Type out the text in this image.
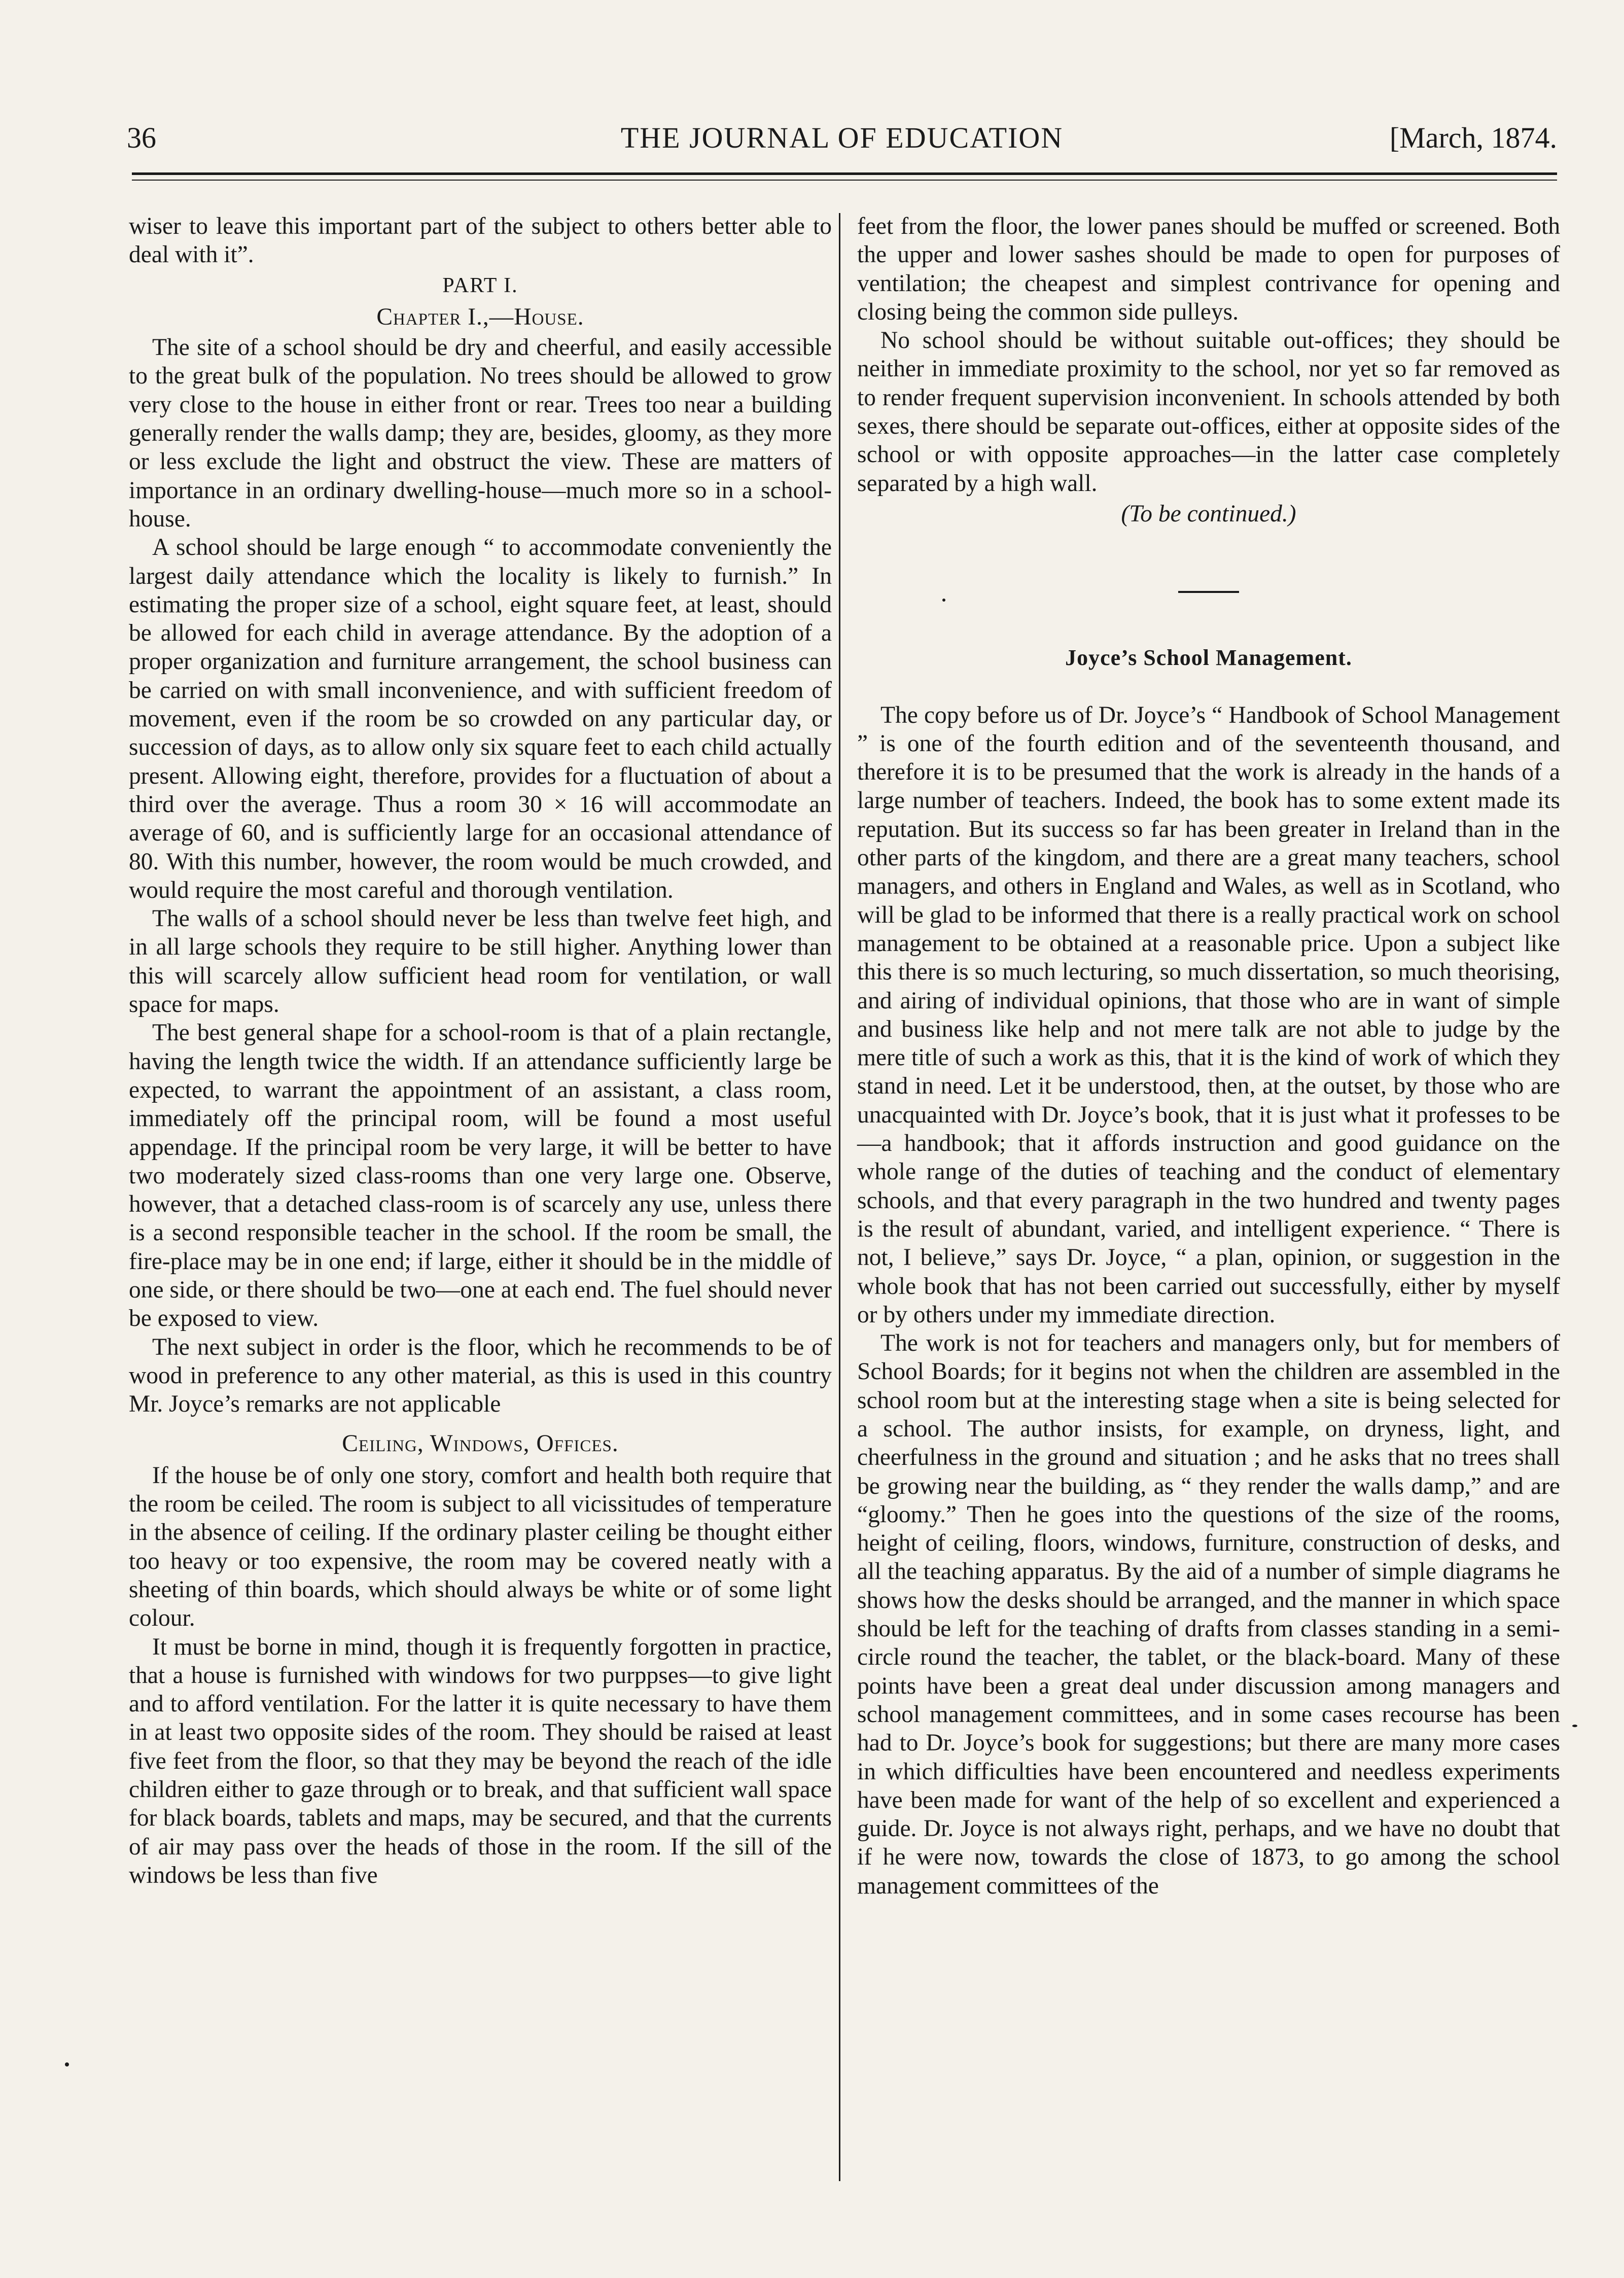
36	THE JOURNAL OF EDUCATION	[March, 1874.

wiser to leave this important part of the subject to others better able to deal with it”.

PART I.
Chapter I.,—House.

The site of a school should be dry and cheerful, and easily accessible to the great bulk of the population. No trees should be allowed to grow very close to the house in either front or rear. Trees too near a building generally render the walls damp; they are, besides, gloomy, as they more or less exclude the light and obstruct the view. These are matters of importance in an ordinary dwelling-house—much more so in a school-house.

A school should be large enough “ to accommodate conveniently the largest daily attendance which the locality is likely to furnish.” In estimating the proper size of a school, eight square feet, at least, should be allowed for each child in average attendance. By the adoption of a proper organization and furniture arrangement, the school business can be carried on with small inconvenience, and with sufficient freedom of movement, even if the room be so crowded on any particular day, or succession of days, as to allow only six square feet to each child actually present. Allowing eight, therefore, provides for a fluctuation of about a third over the average. Thus a room 30 × 16 will accommodate an average of 60, and is sufficiently large for an occasional attendance of 80. With this number, however, the room would be much crowded, and would require the most careful and thorough ventilation.

The walls of a school should never be less than twelve feet high, and in all large schools they require to be still higher. Anything lower than this will scarcely allow sufficient head room for ventilation, or wall space for maps.

The best general shape for a school-room is that of a plain rectangle, having the length twice the width. If an attendance sufficiently large be expected, to warrant the appointment of an assistant, a class room, immediately off the principal room, will be found a most useful appendage. If the principal room be very large, it will be better to have two moderately sized class-rooms than one very large one. Observe, however, that a detached class-room is of scarcely any use, unless there is a second responsible teacher in the school. If the room be small, the fire-place may be in one end; if large, either it should be in the middle of one side, or there should be two—one at each end. The fuel should never be exposed to view.

The next subject in order is the floor, which he recommends to be of wood in preference to any other material, as this is used in this country Mr. Joyce’s remarks are not applicable

Ceiling, Windows, Offices.

If the house be of only one story, comfort and health both require that the room be ceiled. The room is subject to all vicissitudes of temperature in the absence of ceiling. If the ordinary plaster ceiling be thought either too heavy or too expensive, the room may be covered neatly with a sheeting of thin boards, which should always be white or of some light colour.

It must be borne in mind, though it is frequently forgotten in practice, that a house is furnished with windows for two purppses—to give light and to afford ventilation. For the latter it is quite necessary to have them in at least two opposite sides of the room. They should be raised at least five feet from the floor, so that they may be beyond the reach of the idle children either to gaze through or to break, and that sufficient wall space for black boards, tablets and maps, may be secured, and that the currents of air may pass over the heads of those in the room. If the sill of the windows be less than five

feet from the floor, the lower panes should be muffed or screened. Both the upper and lower sashes should be made to open for purposes of ventilation; the cheapest and simplest contrivance for opening and closing being the common side pulleys.

No school should be without suitable out-offices; they should be neither in immediate proximity to the school, nor yet so far removed as to render frequent supervision inconvenient. In schools attended by both sexes, there should be separate out-offices, either at opposite sides of the school or with opposite approaches—in the latter case completely separated by a high wall.

(To be continued.)
Joyce’s School Management.

The copy before us of Dr. Joyce’s “ Handbook of School Management ” is one of the fourth edition and of the seventeenth thousand, and therefore it is to be presumed that the work is already in the hands of a large number of teachers. Indeed, the book has to some extent made its reputation. But its success so far has been greater in Ireland than in the other parts of the kingdom, and there are a great many teachers, school managers, and others in England and Wales, as well as in Scotland, who will be glad to be informed that there is a really practical work on school management to be obtained at a reasonable price. Upon a subject like this there is so much lecturing, so much dissertation, so much theorising, and airing of individual opinions, that those who are in want of simple and business like help and not mere talk are not able to judge by the mere title of such a work as this, that it is the kind of work of which they stand in need. Let it be understood, then, at the outset, by those who are unacquainted with Dr. Joyce’s book, that it is just what it professes to be—a handbook; that it affords instruction and good guidance on the whole range of the duties of teaching and the conduct of elementary schools, and that every paragraph in the two hundred and twenty pages is the result of abundant, varied, and intelligent experience. “ There is not, I believe,” says Dr. Joyce, “ a plan, opinion, or suggestion in the whole book that has not been carried out successfully, either by myself or by others under my immediate direction.

The work is not for teachers and managers only, but for members of School Boards; for it begins not when the children are assembled in the school room but at the interesting stage when a site is being selected for a school. The author insists, for example, on dryness, light, and cheerfulness in the ground and situation ; and he asks that no trees shall be growing near the building, as “ they render the walls damp,” and are “gloomy.” Then he goes into the questions of the size of the rooms, height of ceiling, floors, windows, furniture, construction of desks, and all the teaching apparatus. By the aid of a number of simple diagrams he shows how the desks should be arranged, and the manner in which space should be left for the teaching of drafts from classes standing in a semi-circle round the teacher, the tablet, or the black-board. Many of these points have been a great deal under discussion among managers and school management committees, and in some cases recourse has been had to Dr. Joyce’s book for suggestions; but there are many more cases in which difficulties have been encountered and needless experiments have been made for want of the help of so excellent and experienced a guide. Dr. Joyce is not always right, perhaps, and we have no doubt that if he were now, towards the close of 1873, to go among the school management committees of the
